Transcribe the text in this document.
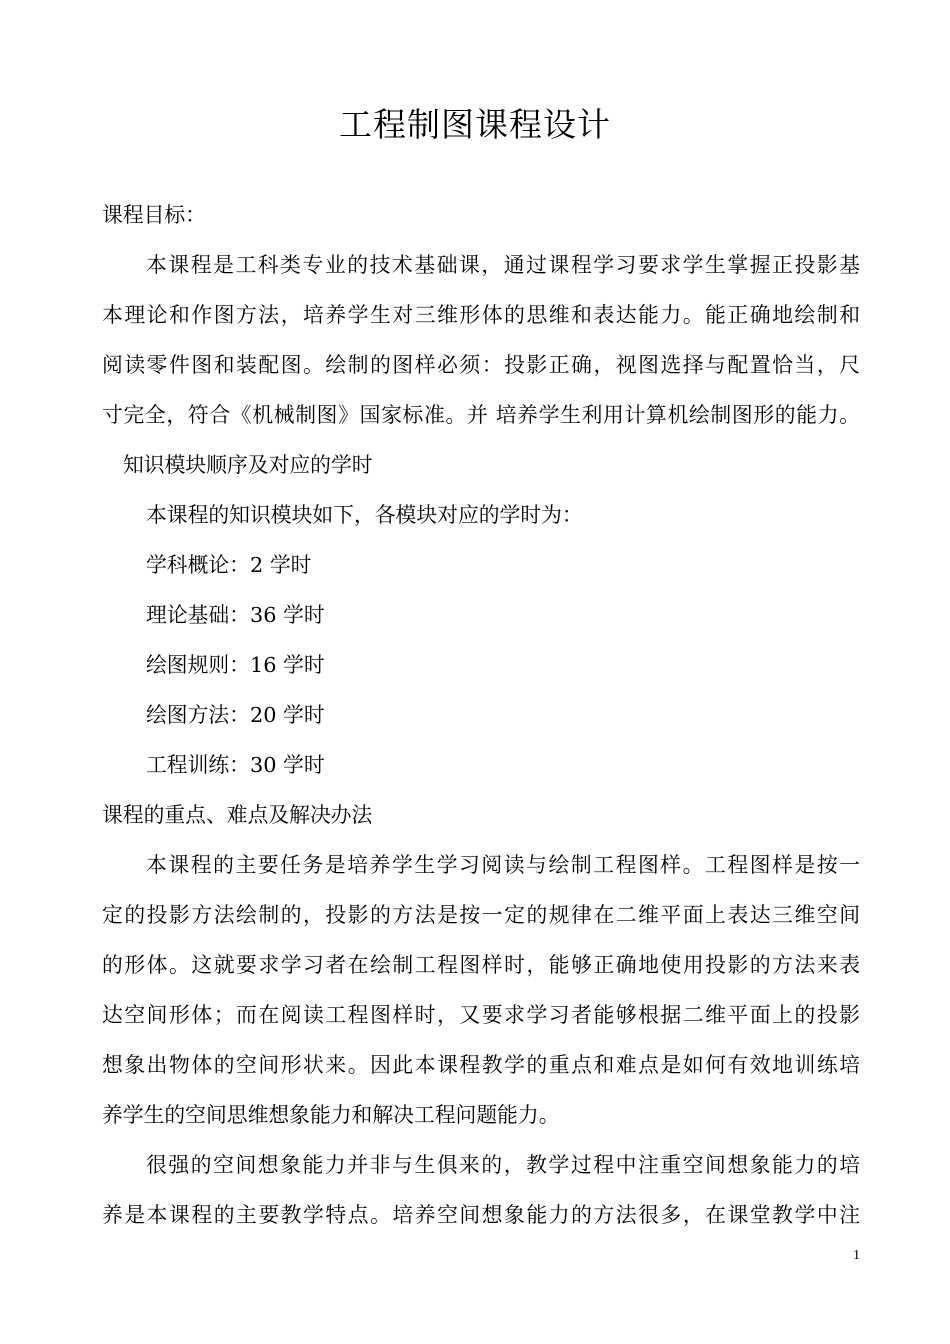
工程制图课程设计
课程目标：
本课程是工科类专业的技术基础课，通过课程学习要求学生掌握正投影基
本理论和作图方法，培养学生对三维形体的思维和表达能力。能正确地绘制和
阅读零件图和装配图。绘制的图样必须：投影正确，视图选择与配置恰当，尺
寸完全，符合《机械制图》国家标准。并 培养学生利用计算机绘制图形的能力。
知识模块顺序及对应的学时
本课程的知识模块如下，各模块对应的学时为：
学科概论：2 学时
理论基础：36 学时
绘图规则：16 学时
绘图方法：20 学时
工程训练：30 学时
课程的重点、难点及解决办法
本课程的主要任务是培养学生学习阅读与绘制工程图样。工程图样是按一
定的投影方法绘制的，投影的方法是按一定的规律在二维平面上表达三维空间
的形体。这就要求学习者在绘制工程图样时，能够正确地使用投影的方法来表
达空间形体；而在阅读工程图样时，又要求学习者能够根据二维平面上的投影
想象出物体的空间形状来。因此本课程教学的重点和难点是如何有效地训练培
养学生的空间思维想象能力和解决工程问题能力。
很强的空间想象能力并非与生俱来的，教学过程中注重空间想象能力的培
养是本课程的主要教学特点。培养空间想象能力的方法很多，在课堂教学中注
1
